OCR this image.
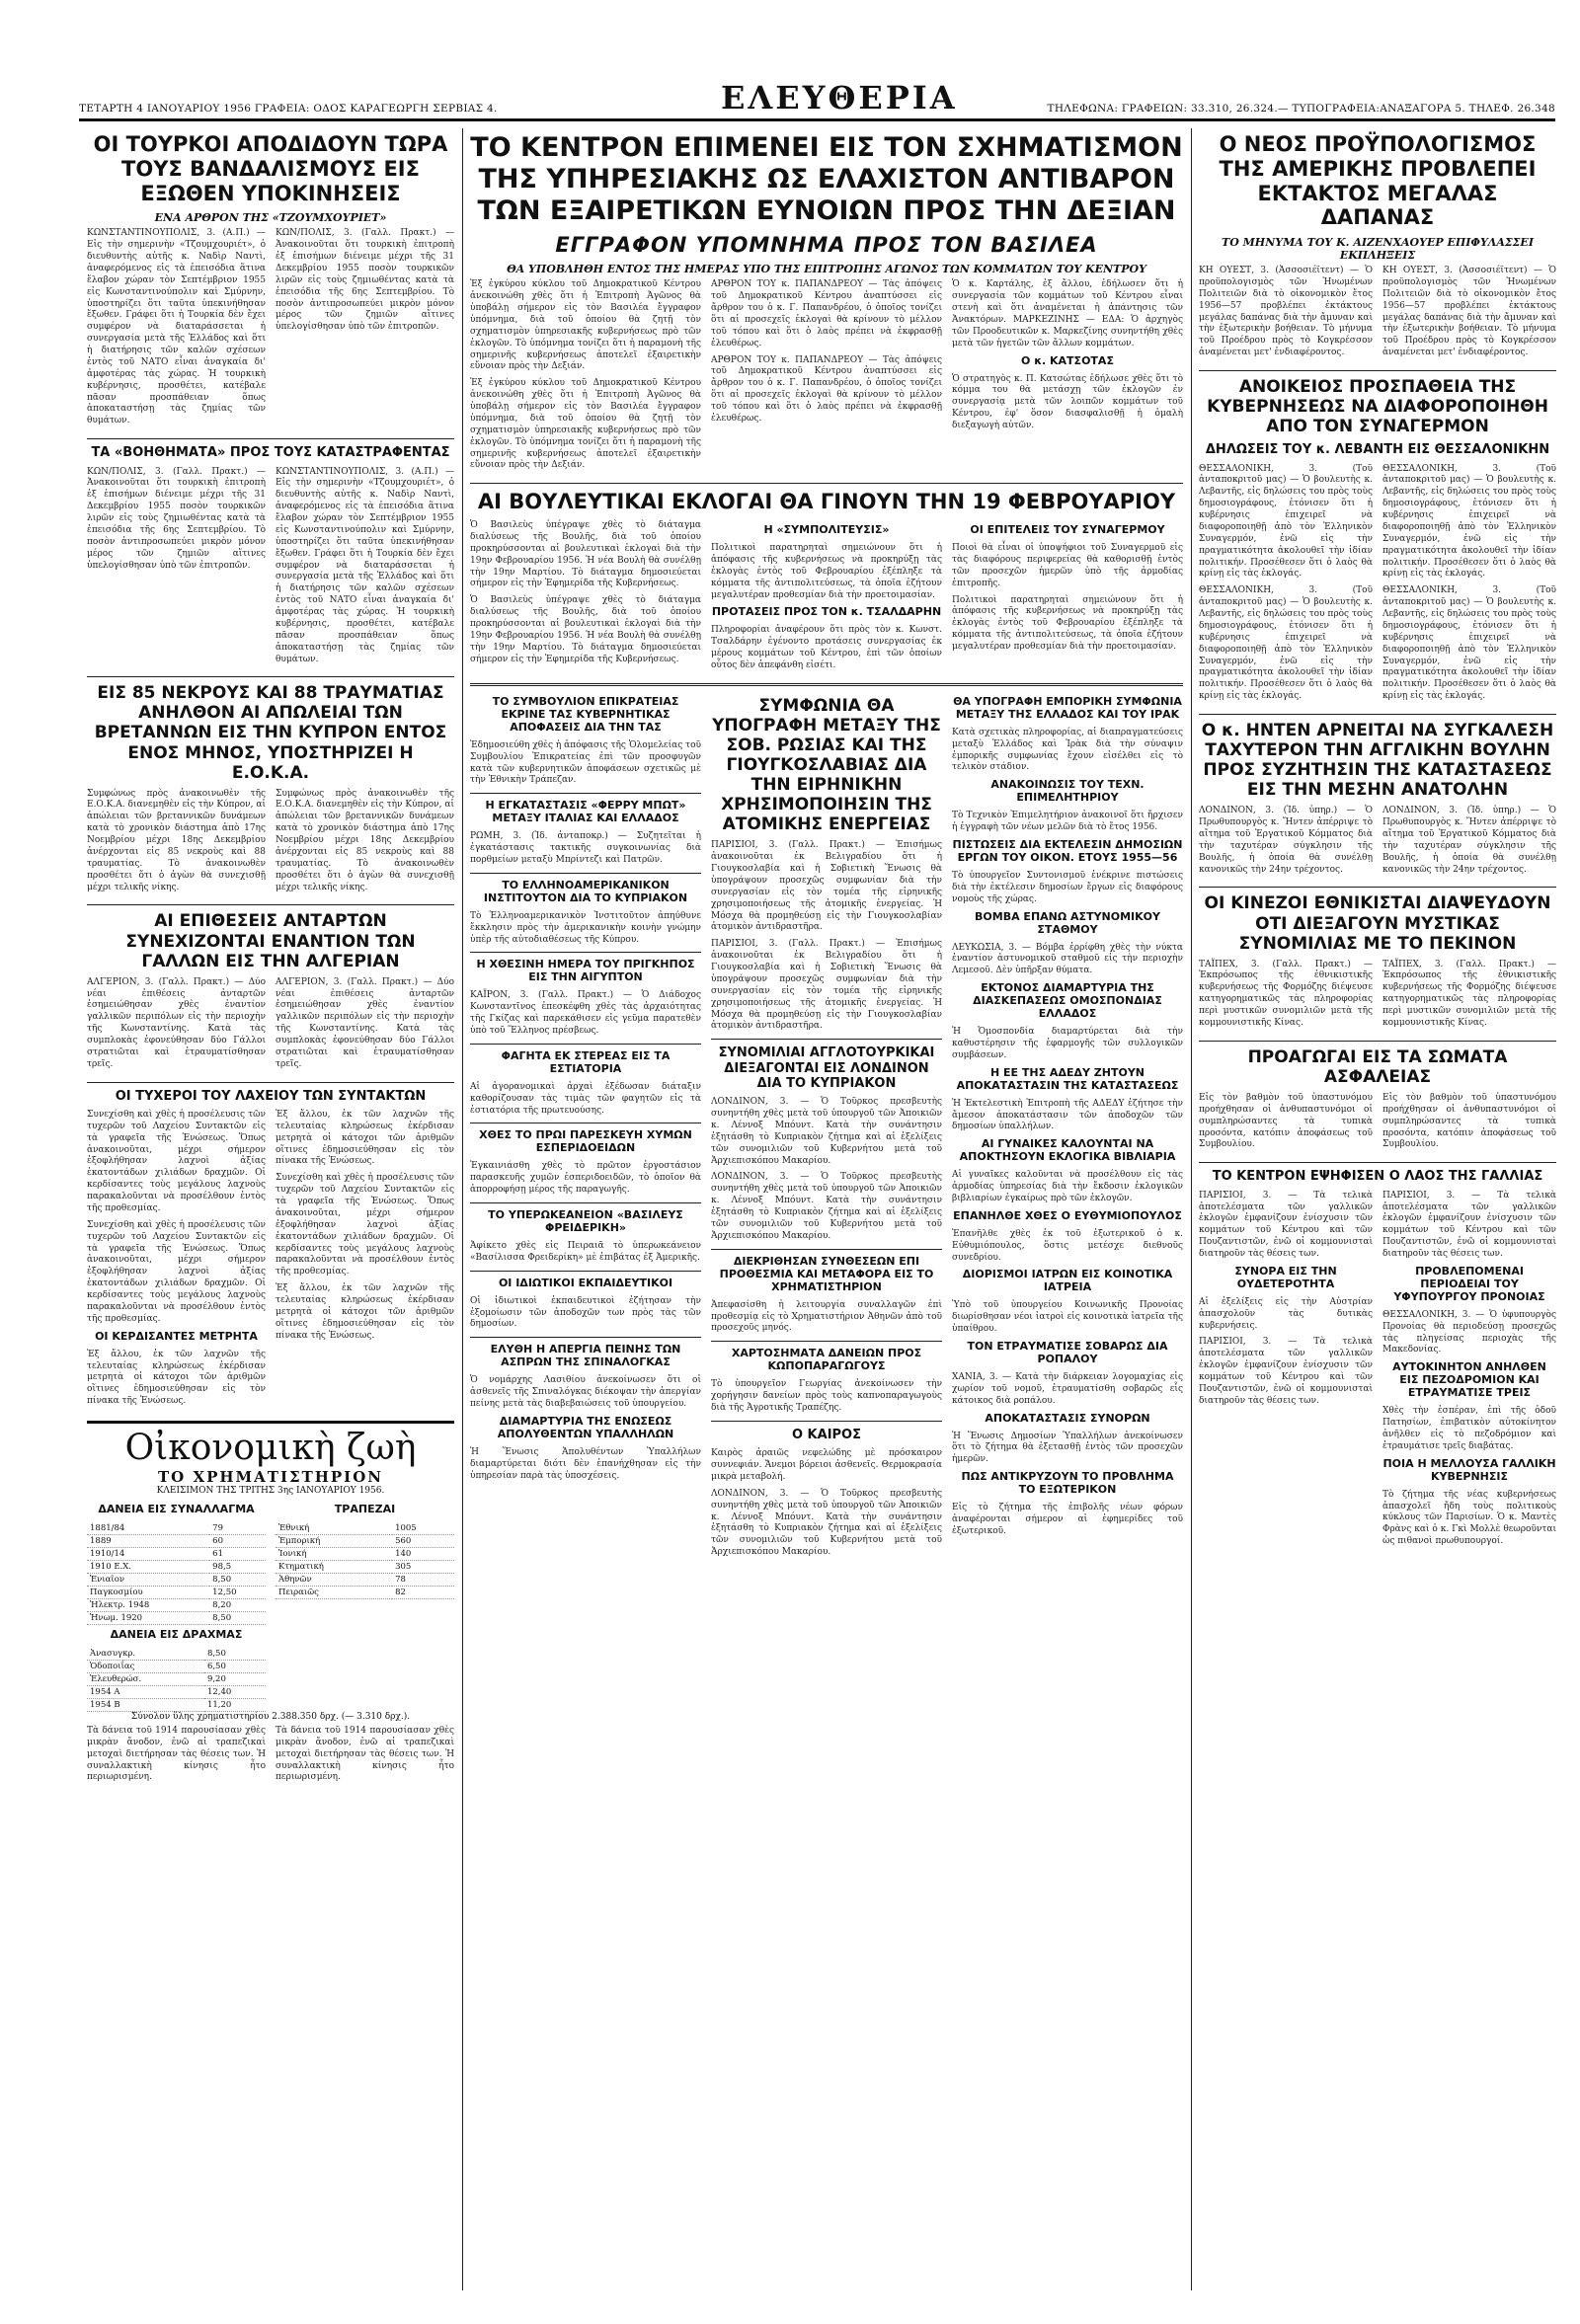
ΤΕΤΑΡΤΗ 4 ΙΑΝΟΥΑΡΙΟΥ 1956 ΓΡΑΦΕΙΑ: ΟΔΟΣ ΚΑΡΑΓΕΩΡΓΗ ΣΕΡΒΙΑΣ 4.	ΕΛΕΥΘΕΡΙΑ	ΤΗΛΕΦΩΝΑ: ΓΡΑΦΕΙΩΝ: 33.310, 26.324.— ΤΥΠΟΓΡΑΦΕΙΑ:ΑΝΑΞΑΓΟΡΑ 5. ΤΗΛΕΦ. 26.348
ΟΙ ΤΟΥΡΚΟΙ ΑΠΟΔΙΔΟΥΝ ΤΩΡΑ ΤΟΥΣ ΒΑΝΔΑΛΙΣΜΟΥΣ ΕΙΣ ΕΞΩΘΕΝ ΥΠΟΚΙΝΗΣΕΙΣ
ΕΝΑ ΑΡΘΡΟΝ ΤΗΣ «ΤΖΟΥΜΧΟΥΡΙΕΤ»
ΚΩΝΣΤΑΝΤΙΝΟΥΠΟΛΙΣ, 3. (Α.Π.) — Εἰς τὴν σημερινὴν «Τζουμχουριέτ», ὁ διευθυντὴς αὐτῆς κ. Ναδὶρ Ναντὶ, ἀναφερόμενος εἰς τὰ ἐπεισόδια ἅτινα ἔλαβον χώραν τὸν Σεπτέμβριον 1955 εἰς Κωνσταντινούπολιν καὶ Σμύρνην, ὑποστηρίζει ὅτι ταῦτα ὑπεκινήθησαν ἔξωθεν. Γράφει ὅτι ἡ Τουρκία δὲν ἔχει συμφέρον νὰ διαταράσσεται ἡ συνεργασία μετὰ τῆς Ἑλλάδος καὶ ὅτι ἡ διατήρησις τῶν καλῶν σχέσεων ἐντὸς τοῦ ΝΑΤΟ εἶναι ἀναγκαία δι' ἀμφοτέρας τὰς χώρας. Ἡ τουρκικὴ κυβέρνησις, προσθέτει, κατέβαλε πᾶσαν προσπάθειαν ὅπως ἀποκαταστήσῃ τὰς ζημίας τῶν θυμάτων.
ΚΩΝ/ΠΟΛΙΣ, 3. (Γαλλ. Πρακτ.) — Ἀνακοινοῦται ὅτι τουρκικὴ ἐπιτροπὴ ἐξ ἐπισήμων διένειμε μέχρι τῆς 31 Δεκεμβρίου 1955 ποσὸν τουρκικῶν λιρῶν εἰς τοὺς ζημιωθέντας κατὰ τὰ ἐπεισόδια τῆς 6ης Σεπτεμβρίου. Τὸ ποσὸν ἀντιπροσωπεύει μικρὸν μόνον μέρος τῶν ζημιῶν αἵτινες ὑπελογίσθησαν ὑπὸ τῶν ἐπιτροπῶν.
ΤΑ «ΒΟΗΘΗΜΑΤΑ» ΠΡΟΣ ΤΟΥΣ ΚΑΤΑΣΤΡΑΦΕΝΤΑΣ
ΚΩΝ/ΠΟΛΙΣ, 3. (Γαλλ. Πρακτ.) — Ἀνακοινοῦται ὅτι τουρκικὴ ἐπιτροπὴ ἐξ ἐπισήμων διένειμε μέχρι τῆς 31 Δεκεμβρίου 1955 ποσὸν τουρκικῶν λιρῶν εἰς τοὺς ζημιωθέντας κατὰ τὰ ἐπεισόδια τῆς 6ης Σεπτεμβρίου. Τὸ ποσὸν ἀντιπροσωπεύει μικρὸν μόνον μέρος τῶν ζημιῶν αἵτινες ὑπελογίσθησαν ὑπὸ τῶν ἐπιτροπῶν.
ΚΩΝΣΤΑΝΤΙΝΟΥΠΟΛΙΣ, 3. (Α.Π.) — Εἰς τὴν σημερινὴν «Τζουμχουριέτ», ὁ διευθυντὴς αὐτῆς κ. Ναδὶρ Ναντὶ, ἀναφερόμενος εἰς τὰ ἐπεισόδια ἅτινα ἔλαβον χώραν τὸν Σεπτέμβριον 1955 εἰς Κωνσταντινούπολιν καὶ Σμύρνην, ὑποστηρίζει ὅτι ταῦτα ὑπεκινήθησαν ἔξωθεν. Γράφει ὅτι ἡ Τουρκία δὲν ἔχει συμφέρον νὰ διαταράσσεται ἡ συνεργασία μετὰ τῆς Ἑλλάδος καὶ ὅτι ἡ διατήρησις τῶν καλῶν σχέσεων ἐντὸς τοῦ ΝΑΤΟ εἶναι ἀναγκαία δι' ἀμφοτέρας τὰς χώρας. Ἡ τουρκικὴ κυβέρνησις, προσθέτει, κατέβαλε πᾶσαν προσπάθειαν ὅπως ἀποκαταστήσῃ τὰς ζημίας τῶν θυμάτων.
ΕΙΣ 85 ΝΕΚΡΟΥΣ ΚΑΙ 88 ΤΡΑΥΜΑΤΙΑΣ ΑΝΗΛΘΟΝ ΑΙ ΑΠΩΛΕΙΑΙ ΤΩΝ ΒΡΕΤΑΝΝΩΝ ΕΙΣ ΤΗΝ ΚΥΠΡΟΝ ΕΝΤΟΣ ΕΝΟΣ ΜΗΝΟΣ, ΥΠΟΣΤΗΡΙΖΕΙ Η Ε.Ο.Κ.Α.
Συμφώνως πρὸς ἀνακοινωθὲν τῆς Ε.Ο.Κ.Α. διανεμηθὲν εἰς τὴν Κύπρον, αἱ ἀπώλειαι τῶν βρεταννικῶν δυνάμεων κατὰ τὸ χρονικὸν διάστημα ἀπὸ 17ης Νοεμβρίου μέχρι 18ης Δεκεμβρίου ἀνέρχονται εἰς 85 νεκροὺς καὶ 88 τραυματίας. Τὸ ἀνακοινωθὲν προσθέτει ὅτι ὁ ἀγὼν θὰ συνεχισθῇ μέχρι τελικῆς νίκης.
Συμφώνως πρὸς ἀνακοινωθὲν τῆς Ε.Ο.Κ.Α. διανεμηθὲν εἰς τὴν Κύπρον, αἱ ἀπώλειαι τῶν βρεταννικῶν δυνάμεων κατὰ τὸ χρονικὸν διάστημα ἀπὸ 17ης Νοεμβρίου μέχρι 18ης Δεκεμβρίου ἀνέρχονται εἰς 85 νεκροὺς καὶ 88 τραυματίας. Τὸ ἀνακοινωθὲν προσθέτει ὅτι ὁ ἀγὼν θὰ συνεχισθῇ μέχρι τελικῆς νίκης.
ΑΙ ΕΠΙΘΕΣΕΙΣ ΑΝΤΑΡΤΩΝ ΣΥΝΕΧΙΖΟΝΤΑΙ ΕΝΑΝΤΙΟΝ ΤΩΝ ΓΑΛΛΩΝ ΕΙΣ ΤΗΝ ΑΛΓΕΡΙΑΝ
ΑΛΓΕΡΙΟΝ, 3. (Γαλλ. Πρακτ.) — Δύο νέαι ἐπιθέσεις ἀνταρτῶν ἐσημειώθησαν χθὲς ἐναντίον γαλλικῶν περιπόλων εἰς τὴν περιοχὴν τῆς Κωνσταντίνης. Κατὰ τὰς συμπλοκὰς ἐφονεύθησαν δύο Γάλλοι στρατιῶται καὶ ἐτραυματίσθησαν τρεῖς.
ΑΛΓΕΡΙΟΝ, 3. (Γαλλ. Πρακτ.) — Δύο νέαι ἐπιθέσεις ἀνταρτῶν ἐσημειώθησαν χθὲς ἐναντίον γαλλικῶν περιπόλων εἰς τὴν περιοχὴν τῆς Κωνσταντίνης. Κατὰ τὰς συμπλοκὰς ἐφονεύθησαν δύο Γάλλοι στρατιῶται καὶ ἐτραυματίσθησαν τρεῖς.
ΟΙ ΤΥΧΕΡΟΙ ΤΟΥ ΛΑΧΕΙΟΥ ΤΩΝ ΣΥΝΤΑΚΤΩΝ
Συνεχίσθη καὶ χθὲς ἡ προσέλευσις τῶν τυχερῶν τοῦ Λαχείου Συντακτῶν εἰς τὰ γραφεῖα τῆς Ἑνώσεως. Ὅπως ἀνακοινοῦται, μέχρι σήμερον ἐξοφλήθησαν λαχνοὶ ἀξίας ἑκατοντάδων χιλιάδων δραχμῶν. Οἱ κερδίσαντες τοὺς μεγάλους λαχνοὺς παρακαλοῦνται νὰ προσέλθουν ἐντὸς τῆς προθεσμίας.
Συνεχίσθη καὶ χθὲς ἡ προσέλευσις τῶν τυχερῶν τοῦ Λαχείου Συντακτῶν εἰς τὰ γραφεῖα τῆς Ἑνώσεως. Ὅπως ἀνακοινοῦται, μέχρι σήμερον ἐξοφλήθησαν λαχνοὶ ἀξίας ἑκατοντάδων χιλιάδων δραχμῶν. Οἱ κερδίσαντες τοὺς μεγάλους λαχνοὺς παρακαλοῦνται νὰ προσέλθουν ἐντὸς τῆς προθεσμίας.
ΟΙ ΚΕΡΔΙΣΑΝΤΕΣ ΜΕΤΡΗΤΑ
Ἐξ ἄλλου, ἐκ τῶν λαχνῶν τῆς τελευταίας κληρώσεως ἐκέρδισαν μετρητὰ οἱ κάτοχοι τῶν ἀριθμῶν οἵτινες ἐδημοσιεύθησαν εἰς τὸν πίνακα τῆς Ἑνώσεως.
Ἐξ ἄλλου, ἐκ τῶν λαχνῶν τῆς τελευταίας κληρώσεως ἐκέρδισαν μετρητὰ οἱ κάτοχοι τῶν ἀριθμῶν οἵτινες ἐδημοσιεύθησαν εἰς τὸν πίνακα τῆς Ἑνώσεως.
Συνεχίσθη καὶ χθὲς ἡ προσέλευσις τῶν τυχερῶν τοῦ Λαχείου Συντακτῶν εἰς τὰ γραφεῖα τῆς Ἑνώσεως. Ὅπως ἀνακοινοῦται, μέχρι σήμερον ἐξοφλήθησαν λαχνοὶ ἀξίας ἑκατοντάδων χιλιάδων δραχμῶν. Οἱ κερδίσαντες τοὺς μεγάλους λαχνοὺς παρακαλοῦνται νὰ προσέλθουν ἐντὸς τῆς προθεσμίας.
Ἐξ ἄλλου, ἐκ τῶν λαχνῶν τῆς τελευταίας κληρώσεως ἐκέρδισαν μετρητὰ οἱ κάτοχοι τῶν ἀριθμῶν οἵτινες ἐδημοσιεύθησαν εἰς τὸν πίνακα τῆς Ἑνώσεως.
Οἰκονομικὴ ζωὴ
ΤΟ ΧΡΗΜΑΤΙΣΤΗΡΙΟΝ
ΚΛΕΙΣΙΜΟΝ ΤΗΣ ΤΡΙΤΗΣ 3ης ΙΑΝΟΥΑΡΙΟΥ 1956.
ΔΑΝΕΙΑ ΕΙΣ ΣΥΝΑΛΛΑΓΜΑ
1881/84	79
1889	60
1910/14	61
1910 Ε.Χ.	98,5
Ἑνιαῖον	8,50
Παγκοσμίου	12,50
Ἠλεκτρ. 1948	8,20
Ἡνωμ. 1920	8,50
ΔΑΝΕΙΑ ΕΙΣ ΔΡΑΧΜΑΣ
Ἀνασυγκρ.	8,50
Ὁδοποιΐας	6,50
Ἐλευθερώσ.	9,20
1954 Α	12,40
1954 Β	11,20
ΤΡΑΠΕΖΑΙ
Ἐθνική	1005
Ἐμπορική	560
Ἰονική	140
Κτηματική	305
Ἀθηνῶν	78
Πειραιῶς	82
Σύνολον ὕλης χρηματιστηρίου 2.388.350 δρχ. (— 3.310 δρχ.).
Τὰ δάνεια τοῦ 1914 παρουσίασαν χθὲς μικρὰν ἄνοδον, ἐνῶ αἱ τραπεζικαὶ μετοχαὶ διετήρησαν τὰς θέσεις των. Ἡ συναλλακτικὴ κίνησις ἦτο περιωρισμένη.
Τὰ δάνεια τοῦ 1914 παρουσίασαν χθὲς μικρὰν ἄνοδον, ἐνῶ αἱ τραπεζικαὶ μετοχαὶ διετήρησαν τὰς θέσεις των. Ἡ συναλλακτικὴ κίνησις ἦτο περιωρισμένη.
ΤΟ ΚΕΝΤΡΟΝ ΕΠΙΜΕΝΕΙ ΕΙΣ ΤΟΝ ΣΧΗΜΑΤΙΣΜΟΝ ΤΗΣ ΥΠΗΡΕΣΙΑΚΗΣ ΩΣ ΕΛΑΧΙΣΤΟΝ ΑΝΤΙΒΑΡΟΝ ΤΩΝ ΕΞΑΙΡΕΤΙΚΩΝ ΕΥΝΟΙΩΝ ΠΡΟΣ ΤΗΝ ΔΕΞΙΑΝ
ΕΓΓΡΑΦΟΝ ΥΠΟΜΝΗΜΑ ΠΡΟΣ ΤΟΝ ΒΑΣΙΛΕΑ
ΘΑ ΥΠΟΒΛΗΘΗ ΕΝΤΟΣ ΤΗΣ ΗΜΕΡΑΣ ΥΠΟ ΤΗΣ ΕΠΙΤΡΟΠΗΣ ΑΓΩΝΟΣ ΤΩΝ ΚΟΜΜΑΤΩΝ ΤΟΥ ΚΕΝΤΡΟΥ
Ἐξ ἐγκύρου κύκλου τοῦ Δημοκρατικοῦ Κέντρου ἀνεκοινώθη χθὲς ὅτι ἡ Ἐπιτροπὴ Ἀγῶνος θὰ ὑποβάλῃ σήμερον εἰς τὸν Βασιλέα ἔγγραφον ὑπόμνημα, διὰ τοῦ ὁποίου θὰ ζητῇ τὸν σχηματισμὸν ὑπηρεσιακῆς κυβερνήσεως πρὸ τῶν ἐκλογῶν. Τὸ ὑπόμνημα τονίζει ὅτι ἡ παραμονὴ τῆς σημερινῆς κυβερνήσεως ἀποτελεῖ ἐξαιρετικὴν εὔνοιαν πρὸς τὴν Δεξιάν.
Ἐξ ἐγκύρου κύκλου τοῦ Δημοκρατικοῦ Κέντρου ἀνεκοινώθη χθὲς ὅτι ἡ Ἐπιτροπὴ Ἀγῶνος θὰ ὑποβάλῃ σήμερον εἰς τὸν Βασιλέα ἔγγραφον ὑπόμνημα, διὰ τοῦ ὁποίου θὰ ζητῇ τὸν σχηματισμὸν ὑπηρεσιακῆς κυβερνήσεως πρὸ τῶν ἐκλογῶν. Τὸ ὑπόμνημα τονίζει ὅτι ἡ παραμονὴ τῆς σημερινῆς κυβερνήσεως ἀποτελεῖ ἐξαιρετικὴν εὔνοιαν πρὸς τὴν Δεξιάν.
ΑΡΘΡΟΝ ΤΟΥ κ. ΠΑΠΑΝΔΡΕΟΥ — Τὰς ἀπόψεις τοῦ Δημοκρατικοῦ Κέντρου ἀναπτύσσει εἰς ἄρθρον του ὁ κ. Γ. Παπανδρέου, ὁ ὁποῖος τονίζει ὅτι αἱ προσεχεῖς ἐκλογαὶ θὰ κρίνουν τὸ μέλλον τοῦ τόπου καὶ ὅτι ὁ λαὸς πρέπει νὰ ἐκφρασθῇ ἐλευθέρως.
ΑΡΘΡΟΝ ΤΟΥ κ. ΠΑΠΑΝΔΡΕΟΥ — Τὰς ἀπόψεις τοῦ Δημοκρατικοῦ Κέντρου ἀναπτύσσει εἰς ἄρθρον του ὁ κ. Γ. Παπανδρέου, ὁ ὁποῖος τονίζει ὅτι αἱ προσεχεῖς ἐκλογαὶ θὰ κρίνουν τὸ μέλλον τοῦ τόπου καὶ ὅτι ὁ λαὸς πρέπει νὰ ἐκφρασθῇ ἐλευθέρως.
Ὁ κ. Καρτάλης, ἐξ ἄλλου, ἐδήλωσεν ὅτι ἡ συνεργασία τῶν κομμάτων τοῦ Κέντρου εἶναι στενὴ καὶ ὅτι ἀναμένεται ἡ ἀπάντησις τῶν Ἀνακτόρων. ΜΑΡΚΕΖΙΝΗΣ — ΕΔΑ: Ὁ ἀρχηγὸς τῶν Προοδευτικῶν κ. Μαρκεζίνης συνηντήθη χθὲς μετὰ τῶν ἡγετῶν τῶν ἄλλων κομμάτων.
Ο κ. ΚΑΤΣΟΤΑΣ
Ὁ στρατηγὸς κ. Π. Κατσώτας ἐδήλωσε χθὲς ὅτι τὸ κόμμα του θὰ μετάσχῃ τῶν ἐκλογῶν ἐν συνεργασίᾳ μετὰ τῶν λοιπῶν κομμάτων τοῦ Κέντρου, ἐφ' ὅσον διασφαλισθῇ ἡ ὁμαλὴ διεξαγωγὴ αὐτῶν.
ΑΙ ΒΟΥΛΕΥΤΙΚΑΙ ΕΚΛΟΓΑΙ ΘΑ ΓΙΝΟΥΝ ΤΗΝ 19 ΦΕΒΡΟΥΑΡΙΟΥ
Ὁ Βασιλεὺς ὑπέγραψε χθὲς τὸ διάταγμα διαλύσεως τῆς Βουλῆς, διὰ τοῦ ὁποίου προκηρύσσονται αἱ βουλευτικαὶ ἐκλογαὶ διὰ τὴν 19ην Φεβρουαρίου 1956. Ἡ νέα Βουλὴ θὰ συνέλθῃ τὴν 19ην Μαρτίου. Τὸ διάταγμα δημοσιεύεται σήμερον εἰς τὴν Ἐφημερίδα τῆς Κυβερνήσεως.
Ὁ Βασιλεὺς ὑπέγραψε χθὲς τὸ διάταγμα διαλύσεως τῆς Βουλῆς, διὰ τοῦ ὁποίου προκηρύσσονται αἱ βουλευτικαὶ ἐκλογαὶ διὰ τὴν 19ην Φεβρουαρίου 1956. Ἡ νέα Βουλὴ θὰ συνέλθῃ τὴν 19ην Μαρτίου. Τὸ διάταγμα δημοσιεύεται σήμερον εἰς τὴν Ἐφημερίδα τῆς Κυβερνήσεως.
Η «ΣΥΜΠΟΛΙΤΕΥΣΙΣ»
Πολιτικοὶ παρατηρηταὶ σημειώνουν ὅτι ἡ ἀπόφασις τῆς κυβερνήσεως νὰ προκηρύξῃ τὰς ἐκλογὰς ἐντὸς τοῦ Φεβρουαρίου ἐξέπληξε τὰ κόμματα τῆς ἀντιπολιτεύσεως, τὰ ὁποῖα ἐζήτουν μεγαλυτέραν προθεσμίαν διὰ τὴν προετοιμασίαν.
ΠΡΟΤΑΣΕΙΣ ΠΡΟΣ ΤΟΝ κ. ΤΣΑΛΔΑΡΗΝ
Πληροφορίαι ἀναφέρουν ὅτι πρὸς τὸν κ. Κωνστ. Τσαλδάρην ἐγένοντο προτάσεις συνεργασίας ἐκ μέρους κομμάτων τοῦ Κέντρου, ἐπὶ τῶν ὁποίων οὗτος δὲν ἀπεφάνθη εἰσέτι.
ΟΙ ΕΠΙΤΕΛΕΙΣ ΤΟΥ ΣΥΝΑΓΕΡΜΟΥ
Ποιοὶ θὰ εἶναι οἱ ὑποψήφιοι τοῦ Συναγερμοῦ εἰς τὰς διαφόρους περιφερείας θὰ καθορισθῇ ἐντὸς τῶν προσεχῶν ἡμερῶν ὑπὸ τῆς ἀρμοδίας ἐπιτροπῆς.
Πολιτικοὶ παρατηρηταὶ σημειώνουν ὅτι ἡ ἀπόφασις τῆς κυβερνήσεως νὰ προκηρύξῃ τὰς ἐκλογὰς ἐντὸς τοῦ Φεβρουαρίου ἐξέπληξε τὰ κόμματα τῆς ἀντιπολιτεύσεως, τὰ ὁποῖα ἐζήτουν μεγαλυτέραν προθεσμίαν διὰ τὴν προετοιμασίαν.
ΤΟ ΣΥΜΒΟΥΛΙΟΝ ΕΠΙΚΡΑΤΕΙΑΣ ΕΚΡΙΝΕ ΤΑΣ ΚΥΒΕΡΝΗΤΙΚΑΣ ΑΠΟΦΑΣΕΙΣ ΔΙΑ ΤΗΝ ΤΑΣ
Ἐδημοσιεύθη χθὲς ἡ ἀπόφασις τῆς Ὁλομελείας τοῦ Συμβουλίου Ἐπικρατείας ἐπὶ τῶν προσφυγῶν κατὰ τῶν κυβερνητικῶν ἀποφάσεων σχετικῶς μὲ τὴν Ἐθνικὴν Τράπεζαν.
Η ΕΓΚΑΤΑΣΤΑΣΙΣ «ΦΕΡΡΥ ΜΠΩΤ» ΜΕΤΑΞΥ ΙΤΑΛΙΑΣ ΚΑΙ ΕΛΛΑΔΟΣ
ΡΩΜΗ, 3. (Ἰδ. ἀνταποκρ.) — Συζητεῖται ἡ ἐγκατάστασις τακτικῆς συγκοινωνίας διὰ πορθμείων μεταξὺ Μπρίντεζι καὶ Πατρῶν.
ΤΟ ΕΛΛΗΝΟΑΜΕΡΙΚΑΝΙΚΟΝ ΙΝΣΤΙΤΟΥΤΟΝ ΔΙΑ ΤΟ ΚΥΠΡΙΑΚΟΝ
Τὸ Ἑλληνοαμερικανικὸν Ἰνστιτοῦτον ἀπηύθυνε ἔκκλησιν πρὸς τὴν ἀμερικανικὴν κοινὴν γνώμην ὑπὲρ τῆς αὐτοδιαθέσεως τῆς Κύπρου.
Η ΧΘΕΣΙΝΗ ΗΜΕΡΑ ΤΟΥ ΠΡΙΓΚΗΠΟΣ ΕΙΣ ΤΗΝ ΑΙΓΥΠΤΟΝ
ΚΑΪΡΟΝ, 3. (Γαλλ. Πρακτ.) — Ὁ Διάδοχος Κωνσταντῖνος ἐπεσκέφθη χθὲς τὰς ἀρχαιότητας τῆς Γκίζας καὶ παρεκάθισεν εἰς γεῦμα παρατεθὲν ὑπὸ τοῦ Ἕλληνος πρέσβεως.
ΦΑΓΗΤΑ ΕΚ ΣΤΕΡΕΑΣ ΕΙΣ ΤΑ ΕΣΤΙΑΤΟΡΙΑ
Αἱ ἀγορανομικαὶ ἀρχαὶ ἐξέδωσαν διάταξιν καθορίζουσαν τὰς τιμὰς τῶν φαγητῶν εἰς τὰ ἑστιατόρια τῆς πρωτευούσης.
ΧΘΕΣ ΤΟ ΠΡΩΙ ΠΑΡΕΣΚΕΥΗ ΧΥΜΩΝ ΕΣΠΕΡΙΔΟΕΙΔΩΝ
Ἐγκαινιάσθη χθὲς τὸ πρῶτον ἐργοστάσιον παρασκευῆς χυμῶν ἐσπεριδοειδῶν, τὸ ὁποῖον θὰ ἀπορροφήσῃ μέρος τῆς παραγωγῆς.
ΤΟ ΥΠΕΡΩΚΕΑΝΕΙΟΝ «ΒΑΣΙΛΕΥΣ ΦΡΕΙΔΕΡΙΚΗ»
Ἀφίκετο χθὲς εἰς Πειραιᾶ τὸ ὑπερωκεάνειον «Βασίλισσα Φρειδερίκη» μὲ ἐπιβάτας ἐξ Ἀμερικῆς.
ΟΙ ΙΔΙΩΤΙΚΟΙ ΕΚΠΑΙΔΕΥΤΙΚΟΙ
Οἱ ἰδιωτικοὶ ἐκπαιδευτικοὶ ἐζήτησαν τὴν ἐξομοίωσιν τῶν ἀποδοχῶν των πρὸς τὰς τῶν δημοσίων.
ΕΛΥΘΗ Η ΑΠΕΡΓΙΑ ΠΕΙΝΗΣ ΤΩΝ ΑΣΠΡΩΝ ΤΗΣ ΣΠΙΝΑΛΟΓΚΑΣ
Ὁ νομάρχης Λασιθίου ἀνεκοίνωσεν ὅτι οἱ ἀσθενεῖς τῆς Σπιναλόγκας διέκοψαν τὴν ἀπεργίαν πείνης μετὰ τὰς διαβεβαιώσεις τοῦ ὑπουργείου.
ΔΙΑΜΑΡΤΥΡΙΑ ΤΗΣ ΕΝΩΣΕΩΣ ΑΠΟΛΥΘΕΝΤΩΝ ΥΠΑΛΛΗΛΩΝ
Ἡ Ἕνωσις Ἀπολυθέντων Ὑπαλλήλων διαμαρτύρεται διότι δὲν ἐπανήχθησαν εἰς τὴν ὑπηρεσίαν παρὰ τὰς ὑποσχέσεις.
ΣΥΜΦΩΝΙΑ ΘΑ ΥΠΟΓΡΑΦΗ ΜΕΤΑΞΥ ΤΗΣ ΣΟΒ. ΡΩΣΙΑΣ ΚΑΙ ΤΗΣ ΓΙΟΥΓΚΟΣΛΑΒΙΑΣ ΔΙΑ ΤΗΝ ΕΙΡΗΝΙΚΗΝ ΧΡΗΣΙΜΟΠΟΙΗΣΙΝ ΤΗΣ ΑΤΟΜΙΚΗΣ ΕΝΕΡΓΕΙΑΣ
ΠΑΡΙΣΙΟΙ, 3. (Γαλλ. Πρακτ.) — Ἐπισήμως ἀνακοινοῦται ἐκ Βελιγραδίου ὅτι ἡ Γιουγκοσλαβία καὶ ἡ Σοβιετικὴ Ἕνωσις θὰ ὑπογράψουν προσεχῶς συμφωνίαν διὰ τὴν συνεργασίαν εἰς τὸν τομέα τῆς εἰρηνικῆς χρησιμοποιήσεως τῆς ἀτομικῆς ἐνεργείας. Ἡ Μόσχα θὰ προμηθεύσῃ εἰς τὴν Γιουγκοσλαβίαν ἀτομικὸν ἀντιδραστῆρα.
ΠΑΡΙΣΙΟΙ, 3. (Γαλλ. Πρακτ.) — Ἐπισήμως ἀνακοινοῦται ἐκ Βελιγραδίου ὅτι ἡ Γιουγκοσλαβία καὶ ἡ Σοβιετικὴ Ἕνωσις θὰ ὑπογράψουν προσεχῶς συμφωνίαν διὰ τὴν συνεργασίαν εἰς τὸν τομέα τῆς εἰρηνικῆς χρησιμοποιήσεως τῆς ἀτομικῆς ἐνεργείας. Ἡ Μόσχα θὰ προμηθεύσῃ εἰς τὴν Γιουγκοσλαβίαν ἀτομικὸν ἀντιδραστῆρα.
ΣΥΝΟΜΙΛΙΑΙ ΑΓΓΛΟΤΟΥΡΚΙΚΑΙ ΔΙΕΞΑΓΟΝΤΑΙ ΕΙΣ ΛΟΝΔΙΝΟΝ ΔΙΑ ΤΟ ΚΥΠΡΙΑΚΟΝ
ΛΟΝΔΙΝΟΝ, 3. — Ὁ Τοῦρκος πρεσβευτὴς συνηντήθη χθὲς μετὰ τοῦ ὑπουργοῦ τῶν Ἀποικιῶν κ. Λέννοξ Μπόυντ. Κατὰ τὴν συνάντησιν ἐξητάσθη τὸ Κυπριακὸν ζήτημα καὶ αἱ ἐξελίξεις τῶν συνομιλιῶν τοῦ Κυβερνήτου μετὰ τοῦ Ἀρχιεπισκόπου Μακαρίου.
ΛΟΝΔΙΝΟΝ, 3. — Ὁ Τοῦρκος πρεσβευτὴς συνηντήθη χθὲς μετὰ τοῦ ὑπουργοῦ τῶν Ἀποικιῶν κ. Λέννοξ Μπόυντ. Κατὰ τὴν συνάντησιν ἐξητάσθη τὸ Κυπριακὸν ζήτημα καὶ αἱ ἐξελίξεις τῶν συνομιλιῶν τοῦ Κυβερνήτου μετὰ τοῦ Ἀρχιεπισκόπου Μακαρίου.
ΔΙΕΚΡΙΘΗΣΑΝ ΣΥΝΘΕΣΕΩΝ ΕΠΙ ΠΡΟΘΕΣΜΙΑ ΚΑΙ ΜΕΤΑΦΟΡΑ ΕΙΣ ΤΟ ΧΡΗΜΑΤΙΣΤΗΡΙΟΝ
Ἀπεφασίσθη ἡ λειτουργία συναλλαγῶν ἐπὶ προθεσμίᾳ εἰς τὸ Χρηματιστήριον Ἀθηνῶν ἀπὸ τοῦ προσεχοῦς μηνός.
ΧΑΡΤΟΣΗΜΑΤΑ ΔΑΝΕΙΩΝ ΠΡΟΣ ΚΩΠΟΠΑΡΑΓΩΓΟΥΣ
Τὸ ὑπουργεῖον Γεωργίας ἀνεκοίνωσεν τὴν χορήγησιν δανείων πρὸς τοὺς καπνοπαραγωγοὺς διὰ τῆς Ἀγροτικῆς Τραπέζης.
Ο ΚΑΙΡΟΣ
Καιρὸς ἀραιῶς νεφελώδης μὲ πρόσκαιρον συννεφιάν. Ἄνεμοι βόρειοι ἀσθενεῖς. Θερμοκρασία μικρὰ μεταβολή.
ΛΟΝΔΙΝΟΝ, 3. — Ὁ Τοῦρκος πρεσβευτὴς συνηντήθη χθὲς μετὰ τοῦ ὑπουργοῦ τῶν Ἀποικιῶν κ. Λέννοξ Μπόυντ. Κατὰ τὴν συνάντησιν ἐξητάσθη τὸ Κυπριακὸν ζήτημα καὶ αἱ ἐξελίξεις τῶν συνομιλιῶν τοῦ Κυβερνήτου μετὰ τοῦ Ἀρχιεπισκόπου Μακαρίου.
ΘΑ ΥΠΟΓΡΑΦΗ ΕΜΠΟΡΙΚΗ ΣΥΜΦΩΝΙΑ ΜΕΤΑΞΥ ΤΗΣ ΕΛΛΑΔΟΣ ΚΑΙ ΤΟΥ ΙΡΑΚ
Κατὰ σχετικὰς πληροφορίας, αἱ διαπραγματεύσεις μεταξὺ Ἑλλάδος καὶ Ἰρὰκ διὰ τὴν σύναψιν ἐμπορικῆς συμφωνίας ἔχουν εἰσέλθει εἰς τὸ τελικὸν στάδιον.
ΑΝΑΚΟΙΝΩΣΙΣ ΤΟΥ ΤΕΧΝ. ΕΠΙΜΕΛΗΤΗΡΙΟΥ
Τὸ Τεχνικὸν Ἐπιμελητήριον ἀνακοινοῖ ὅτι ἤρχισεν ἡ ἐγγραφὴ τῶν νέων μελῶν διὰ τὸ ἔτος 1956.
ΠΙΣΤΩΣΕΙΣ ΔΙΑ ΕΚΤΕΛΕΣΙΝ ΔΗΜΟΣΙΩΝ ΕΡΓΩΝ ΤΟΥ ΟΙΚΟΝ. ΕΤΟΥΣ 1955—56
Τὸ ὑπουργεῖον Συντονισμοῦ ἐνέκρινε πιστώσεις διὰ τὴν ἐκτέλεσιν δημοσίων ἔργων εἰς διαφόρους νομοὺς τῆς χώρας.
ΒΟΜΒΑ ΕΠΑΝΩ ΑΣΤΥΝΟΜΙΚΟΥ ΣΤΑΘΜΟΥ
ΛΕΥΚΩΣΙΑ, 3. — Βόμβα ἐρρίφθη χθὲς τὴν νύκτα ἐναντίον ἀστυνομικοῦ σταθμοῦ εἰς τὴν περιοχὴν Λεμεσοῦ. Δὲν ὑπῆρξαν θύματα.
ΕΚΤΟΝΟΣ ΔΙΑΜΑΡΤΥΡΙΑ ΤΗΣ ΔΙΑΣΚΕΠΑΣΕΩΣ ΟΜΟΣΠΟΝΔΙΑΣ ΕΛΛΑΔΟΣ
Ἡ Ὁμοσπονδία διαμαρτύρεται διὰ τὴν καθυστέρησιν τῆς ἐφαρμογῆς τῶν συλλογικῶν συμβάσεων.
Η ΕΕ ΤΗΣ ΑΔΕΔΥ ΖΗΤΟΥΝ ΑΠΟΚΑΤΑΣΤΑΣΙΝ ΤΗΣ ΚΑΤΑΣΤΑΣΕΩΣ
Ἡ Ἐκτελεστικὴ Ἐπιτροπὴ τῆς ΑΔΕΔΥ ἐζήτησε τὴν ἄμεσον ἀποκατάστασιν τῶν ἀποδοχῶν τῶν δημοσίων ὑπαλλήλων.
ΑΙ ΓΥΝΑΙΚΕΣ ΚΑΛΟΥΝΤΑΙ ΝΑ ΑΠΟΚΤΗΣΟΥΝ ΕΚΛΟΓΙΚΑ ΒΙΒΛΙΑΡΙΑ
Αἱ γυναῖκες καλοῦνται νὰ προσέλθουν εἰς τὰς ἁρμοδίας ὑπηρεσίας διὰ τὴν ἔκδοσιν ἐκλογικῶν βιβλιαρίων ἐγκαίρως πρὸ τῶν ἐκλογῶν.
ΕΠΑΝΗΛΘΕ ΧΘΕΣ Ο ΕΥΘΥΜΙΟΠΟΥΛΟΣ
Ἐπανῆλθε χθὲς ἐκ τοῦ ἐξωτερικοῦ ὁ κ. Εὐθυμιόπουλος, ὅστις μετέσχε διεθνοῦς συνεδρίου.
ΔΙΟΡΙΣΜΟΙ ΙΑΤΡΩΝ ΕΙΣ ΚΟΙΝΟΤΙΚΑ ΙΑΤΡΕΙΑ
Ὑπὸ τοῦ ὑπουργείου Κοινωνικῆς Προνοίας διωρίσθησαν νέοι ἰατροὶ εἰς κοινοτικὰ ἰατρεῖα τῆς ὑπαίθρου.
ΤΟΝ ΕΤΡΑΥΜΑΤΙΣΕ ΣΟΒΑΡΩΣ ΔΙΑ ΡΟΠΑΛΟΥ
ΧΑΝΙΑ, 3. — Κατὰ τὴν διάρκειαν λογομαχίας εἰς χωρίον τοῦ νομοῦ, ἐτραυματίσθη σοβαρῶς εἷς κάτοικος διὰ ροπάλου.
ΑΠΟΚΑΤΑΣΤΑΣΙΣ ΣΥΝΟΡΩΝ
Ἡ Ἕνωσις Δημοσίων Ὑπαλλήλων ἀνεκοίνωσεν ὅτι τὸ ζήτημα θὰ ἐξετασθῇ ἐντὸς τῶν προσεχῶν ἡμερῶν.
ΠΩΣ ΑΝΤΙΚΡΥΖΟΥΝ ΤΟ ΠΡΟΒΛΗΜΑ ΤΟ ΕΞΩΤΕΡΙΚΟΝ
Εἰς τὸ ζήτημα τῆς ἐπιβολῆς νέων φόρων ἀναφέρονται σήμερον αἱ ἐφημερίδες τοῦ ἐξωτερικοῦ.
Ο ΝΕΟΣ ΠΡΟΫΠΟΛΟΓΙΣΜΟΣ ΤΗΣ ΑΜΕΡΙΚΗΣ ΠΡΟΒΛΕΠΕΙ ΕΚΤΑΚΤΟΣ ΜΕΓΑΛΑΣ ΔΑΠΑΝΑΣ
ΤΟ ΜΗΝΥΜΑ ΤΟΥ Κ. ΑΙΖΕΝΧΑΟΥΕΡ ΕΠΙΦΥΛΑΣΣΕΙ ΕΚΠΛΗΞΕΙΣ
ΚΗ ΟΥΕΣΤ, 3. (Ἀσσοσιέϊτεντ) — Ὁ προϋπολογισμὸς τῶν Ἡνωμένων Πολιτειῶν διὰ τὸ οἰκονομικὸν ἔτος 1956—57 προβλέπει ἐκτάκτους μεγάλας δαπάνας διὰ τὴν ἄμυναν καὶ τὴν ἐξωτερικὴν βοήθειαν. Τὸ μήνυμα τοῦ Προέδρου πρὸς τὸ Κογκρέσσον ἀναμένεται μετ' ἐνδιαφέροντος.
ΚΗ ΟΥΕΣΤ, 3. (Ἀσσοσιέϊτεντ) — Ὁ προϋπολογισμὸς τῶν Ἡνωμένων Πολιτειῶν διὰ τὸ οἰκονομικὸν ἔτος 1956—57 προβλέπει ἐκτάκτους μεγάλας δαπάνας διὰ τὴν ἄμυναν καὶ τὴν ἐξωτερικὴν βοήθειαν. Τὸ μήνυμα τοῦ Προέδρου πρὸς τὸ Κογκρέσσον ἀναμένεται μετ' ἐνδιαφέροντος.
ΑΝΟΙΚΕΙΟΣ ΠΡΟΣΠΑΘΕΙΑ ΤΗΣ ΚΥΒΕΡΝΗΣΕΩΣ ΝΑ ΔΙΑΦΟΡΟΠΟΙΗΘΗ ΑΠΟ ΤΟΝ ΣΥΝΑΓΕΡΜΟΝ
ΔΗΛΩΣΕΙΣ ΤΟΥ κ. ΛΕΒΑΝΤΗ ΕΙΣ ΘΕΣΣΑΛΟΝΙΚΗΝ
ΘΕΣΣΑΛΟΝΙΚΗ, 3. (Τοῦ ἀνταποκριτοῦ μας) — Ὁ βουλευτὴς κ. Λεβαντῆς, εἰς δηλώσεις του πρὸς τοὺς δημοσιογράφους, ἐτόνισεν ὅτι ἡ κυβέρνησις ἐπιχειρεῖ νὰ διαφοροποιηθῇ ἀπὸ τὸν Ἑλληνικὸν Συναγερμόν, ἐνῶ εἰς τὴν πραγματικότητα ἀκολουθεῖ τὴν ἰδίαν πολιτικήν. Προσέθεσεν ὅτι ὁ λαὸς θὰ κρίνῃ εἰς τὰς ἐκλογάς.
ΘΕΣΣΑΛΟΝΙΚΗ, 3. (Τοῦ ἀνταποκριτοῦ μας) — Ὁ βουλευτὴς κ. Λεβαντῆς, εἰς δηλώσεις του πρὸς τοὺς δημοσιογράφους, ἐτόνισεν ὅτι ἡ κυβέρνησις ἐπιχειρεῖ νὰ διαφοροποιηθῇ ἀπὸ τὸν Ἑλληνικὸν Συναγερμόν, ἐνῶ εἰς τὴν πραγματικότητα ἀκολουθεῖ τὴν ἰδίαν πολιτικήν. Προσέθεσεν ὅτι ὁ λαὸς θὰ κρίνῃ εἰς τὰς ἐκλογάς.
ΘΕΣΣΑΛΟΝΙΚΗ, 3. (Τοῦ ἀνταποκριτοῦ μας) — Ὁ βουλευτὴς κ. Λεβαντῆς, εἰς δηλώσεις του πρὸς τοὺς δημοσιογράφους, ἐτόνισεν ὅτι ἡ κυβέρνησις ἐπιχειρεῖ νὰ διαφοροποιηθῇ ἀπὸ τὸν Ἑλληνικὸν Συναγερμόν, ἐνῶ εἰς τὴν πραγματικότητα ἀκολουθεῖ τὴν ἰδίαν πολιτικήν. Προσέθεσεν ὅτι ὁ λαὸς θὰ κρίνῃ εἰς τὰς ἐκλογάς.
ΘΕΣΣΑΛΟΝΙΚΗ, 3. (Τοῦ ἀνταποκριτοῦ μας) — Ὁ βουλευτὴς κ. Λεβαντῆς, εἰς δηλώσεις του πρὸς τοὺς δημοσιογράφους, ἐτόνισεν ὅτι ἡ κυβέρνησις ἐπιχειρεῖ νὰ διαφοροποιηθῇ ἀπὸ τὸν Ἑλληνικὸν Συναγερμόν, ἐνῶ εἰς τὴν πραγματικότητα ἀκολουθεῖ τὴν ἰδίαν πολιτικήν. Προσέθεσεν ὅτι ὁ λαὸς θὰ κρίνῃ εἰς τὰς ἐκλογάς.
Ο κ. ΗΝΤΕΝ ΑΡΝΕΙΤΑΙ ΝΑ ΣΥΓΚΑΛΕΣΗ ΤΑΧΥΤΕΡΟΝ ΤΗΝ ΑΓΓΛΙΚΗΝ ΒΟΥΛΗΝ ΠΡΟΣ ΣΥΖΗΤΗΣΙΝ ΤΗΣ ΚΑΤΑΣΤΑΣΕΩΣ ΕΙΣ ΤΗΝ ΜΕΣΗΝ ΑΝΑΤΟΛΗΝ
ΛΟΝΔΙΝΟΝ, 3. (Ἰδ. ὑπηρ.) — Ὁ Πρωθυπουργὸς κ. Ἤντεν ἀπέρριψε τὸ αἴτημα τοῦ Ἐργατικοῦ Κόμματος διὰ τὴν ταχυτέραν σύγκλησιν τῆς Βουλῆς, ἡ ὁποία θὰ συνέλθῃ κανονικῶς τὴν 24ην τρέχοντος.
ΛΟΝΔΙΝΟΝ, 3. (Ἰδ. ὑπηρ.) — Ὁ Πρωθυπουργὸς κ. Ἤντεν ἀπέρριψε τὸ αἴτημα τοῦ Ἐργατικοῦ Κόμματος διὰ τὴν ταχυτέραν σύγκλησιν τῆς Βουλῆς, ἡ ὁποία θὰ συνέλθῃ κανονικῶς τὴν 24ην τρέχοντος.
ΟΙ ΚΙΝΕΖΟΙ ΕΘΝΙΚΙΣΤΑΙ ΔΙΑΨΕΥΔΟΥΝ ΟΤΙ ΔΙΕΞΑΓΟΥΝ ΜΥΣΤΙΚΑΣ ΣΥΝΟΜΙΛΙΑΣ ΜΕ ΤΟ ΠΕΚΙΝΟΝ
ΤΑΪΠΕΧ, 3. (Γαλλ. Πρακτ.) — Ἐκπρόσωπος τῆς ἐθνικιστικῆς κυβερνήσεως τῆς Φορμόζης διέψευσε κατηγορηματικῶς τὰς πληροφορίας περὶ μυστικῶν συνομιλιῶν μετὰ τῆς κομμουνιστικῆς Κίνας.
ΤΑΪΠΕΧ, 3. (Γαλλ. Πρακτ.) — Ἐκπρόσωπος τῆς ἐθνικιστικῆς κυβερνήσεως τῆς Φορμόζης διέψευσε κατηγορηματικῶς τὰς πληροφορίας περὶ μυστικῶν συνομιλιῶν μετὰ τῆς κομμουνιστικῆς Κίνας.
ΠΡΟΑΓΩΓΑΙ ΕΙΣ ΤΑ ΣΩΜΑΤΑ ΑΣΦΑΛΕΙΑΣ
Εἰς τὸν βαθμὸν τοῦ ὑπαστυνόμου προήχθησαν οἱ ἀνθυπαστυνόμοι οἱ συμπληρώσαντες τὰ τυπικὰ προσόντα, κατόπιν ἀποφάσεως τοῦ Συμβουλίου.
Εἰς τὸν βαθμὸν τοῦ ὑπαστυνόμου προήχθησαν οἱ ἀνθυπαστυνόμοι οἱ συμπληρώσαντες τὰ τυπικὰ προσόντα, κατόπιν ἀποφάσεως τοῦ Συμβουλίου.
ΤΟ ΚΕΝΤΡΟΝ ΕΨΗΦΙΣΕΝ Ο ΛΑΟΣ ΤΗΣ ΓΑΛΛΙΑΣ
ΠΑΡΙΣΙΟΙ, 3. — Τὰ τελικὰ ἀποτελέσματα τῶν γαλλικῶν ἐκλογῶν ἐμφανίζουν ἐνίσχυσιν τῶν κομμάτων τοῦ Κέντρου καὶ τῶν Πουζαντιστῶν, ἐνῶ οἱ κομμουνισταὶ διατηροῦν τὰς θέσεις των.
ΣΥΝΟΡΑ ΕΙΣ ΤΗΝ ΟΥΔΕΤΕΡΟΤΗΤΑ
Αἱ ἐξελίξεις εἰς τὴν Αὐστρίαν ἀπασχολοῦν τὰς δυτικὰς κυβερνήσεις.
ΠΑΡΙΣΙΟΙ, 3. — Τὰ τελικὰ ἀποτελέσματα τῶν γαλλικῶν ἐκλογῶν ἐμφανίζουν ἐνίσχυσιν τῶν κομμάτων τοῦ Κέντρου καὶ τῶν Πουζαντιστῶν, ἐνῶ οἱ κομμουνισταὶ διατηροῦν τὰς θέσεις των.
ΠΑΡΙΣΙΟΙ, 3. — Τὰ τελικὰ ἀποτελέσματα τῶν γαλλικῶν ἐκλογῶν ἐμφανίζουν ἐνίσχυσιν τῶν κομμάτων τοῦ Κέντρου καὶ τῶν Πουζαντιστῶν, ἐνῶ οἱ κομμουνισταὶ διατηροῦν τὰς θέσεις των.
ΠΡΟΒΛΕΠΟΜΕΝΑΙ ΠΕΡΙΟΔΕΙΑΙ ΤΟΥ ΥΦΥΠΟΥΡΓΟΥ ΠΡΟΝΟΙΑΣ
ΘΕΣΣΑΛΟΝΙΚΗ, 3. — Ὁ ὑφυπουργὸς Προνοίας θὰ περιοδεύσῃ προσεχῶς τὰς πληγείσας περιοχὰς τῆς Μακεδονίας.
ΑΥΤΟΚΙΝΗΤΟΝ ΑΝΗΛΘΕΝ ΕΙΣ ΠΕΖΟΔΡΟΜΙΟΝ ΚΑΙ ΕΤΡΑΥΜΑΤΙΣΕ ΤΡΕΙΣ
Χθὲς τὴν ἑσπέραν, ἐπὶ τῆς ὁδοῦ Πατησίων, ἐπιβατικὸν αὐτοκίνητον ἀνῆλθεν εἰς τὸ πεζοδρόμιον καὶ ἐτραυμάτισε τρεῖς διαβάτας.
ΠΟΙΑ Η ΜΕΛΛΟΥΣΑ ΓΑΛΛΙΚΗ ΚΥΒΕΡΝΗΣΙΣ
Τὸ ζήτημα τῆς νέας κυβερνήσεως ἀπασχολεῖ ἤδη τοὺς πολιτικοὺς κύκλους τῶν Παρισίων. Ὁ κ. Μαντὲς Φρὰνς καὶ ὁ κ. Γκὶ Μολλὲ θεωροῦνται ὡς πιθανοὶ πρωθυπουργοί.
